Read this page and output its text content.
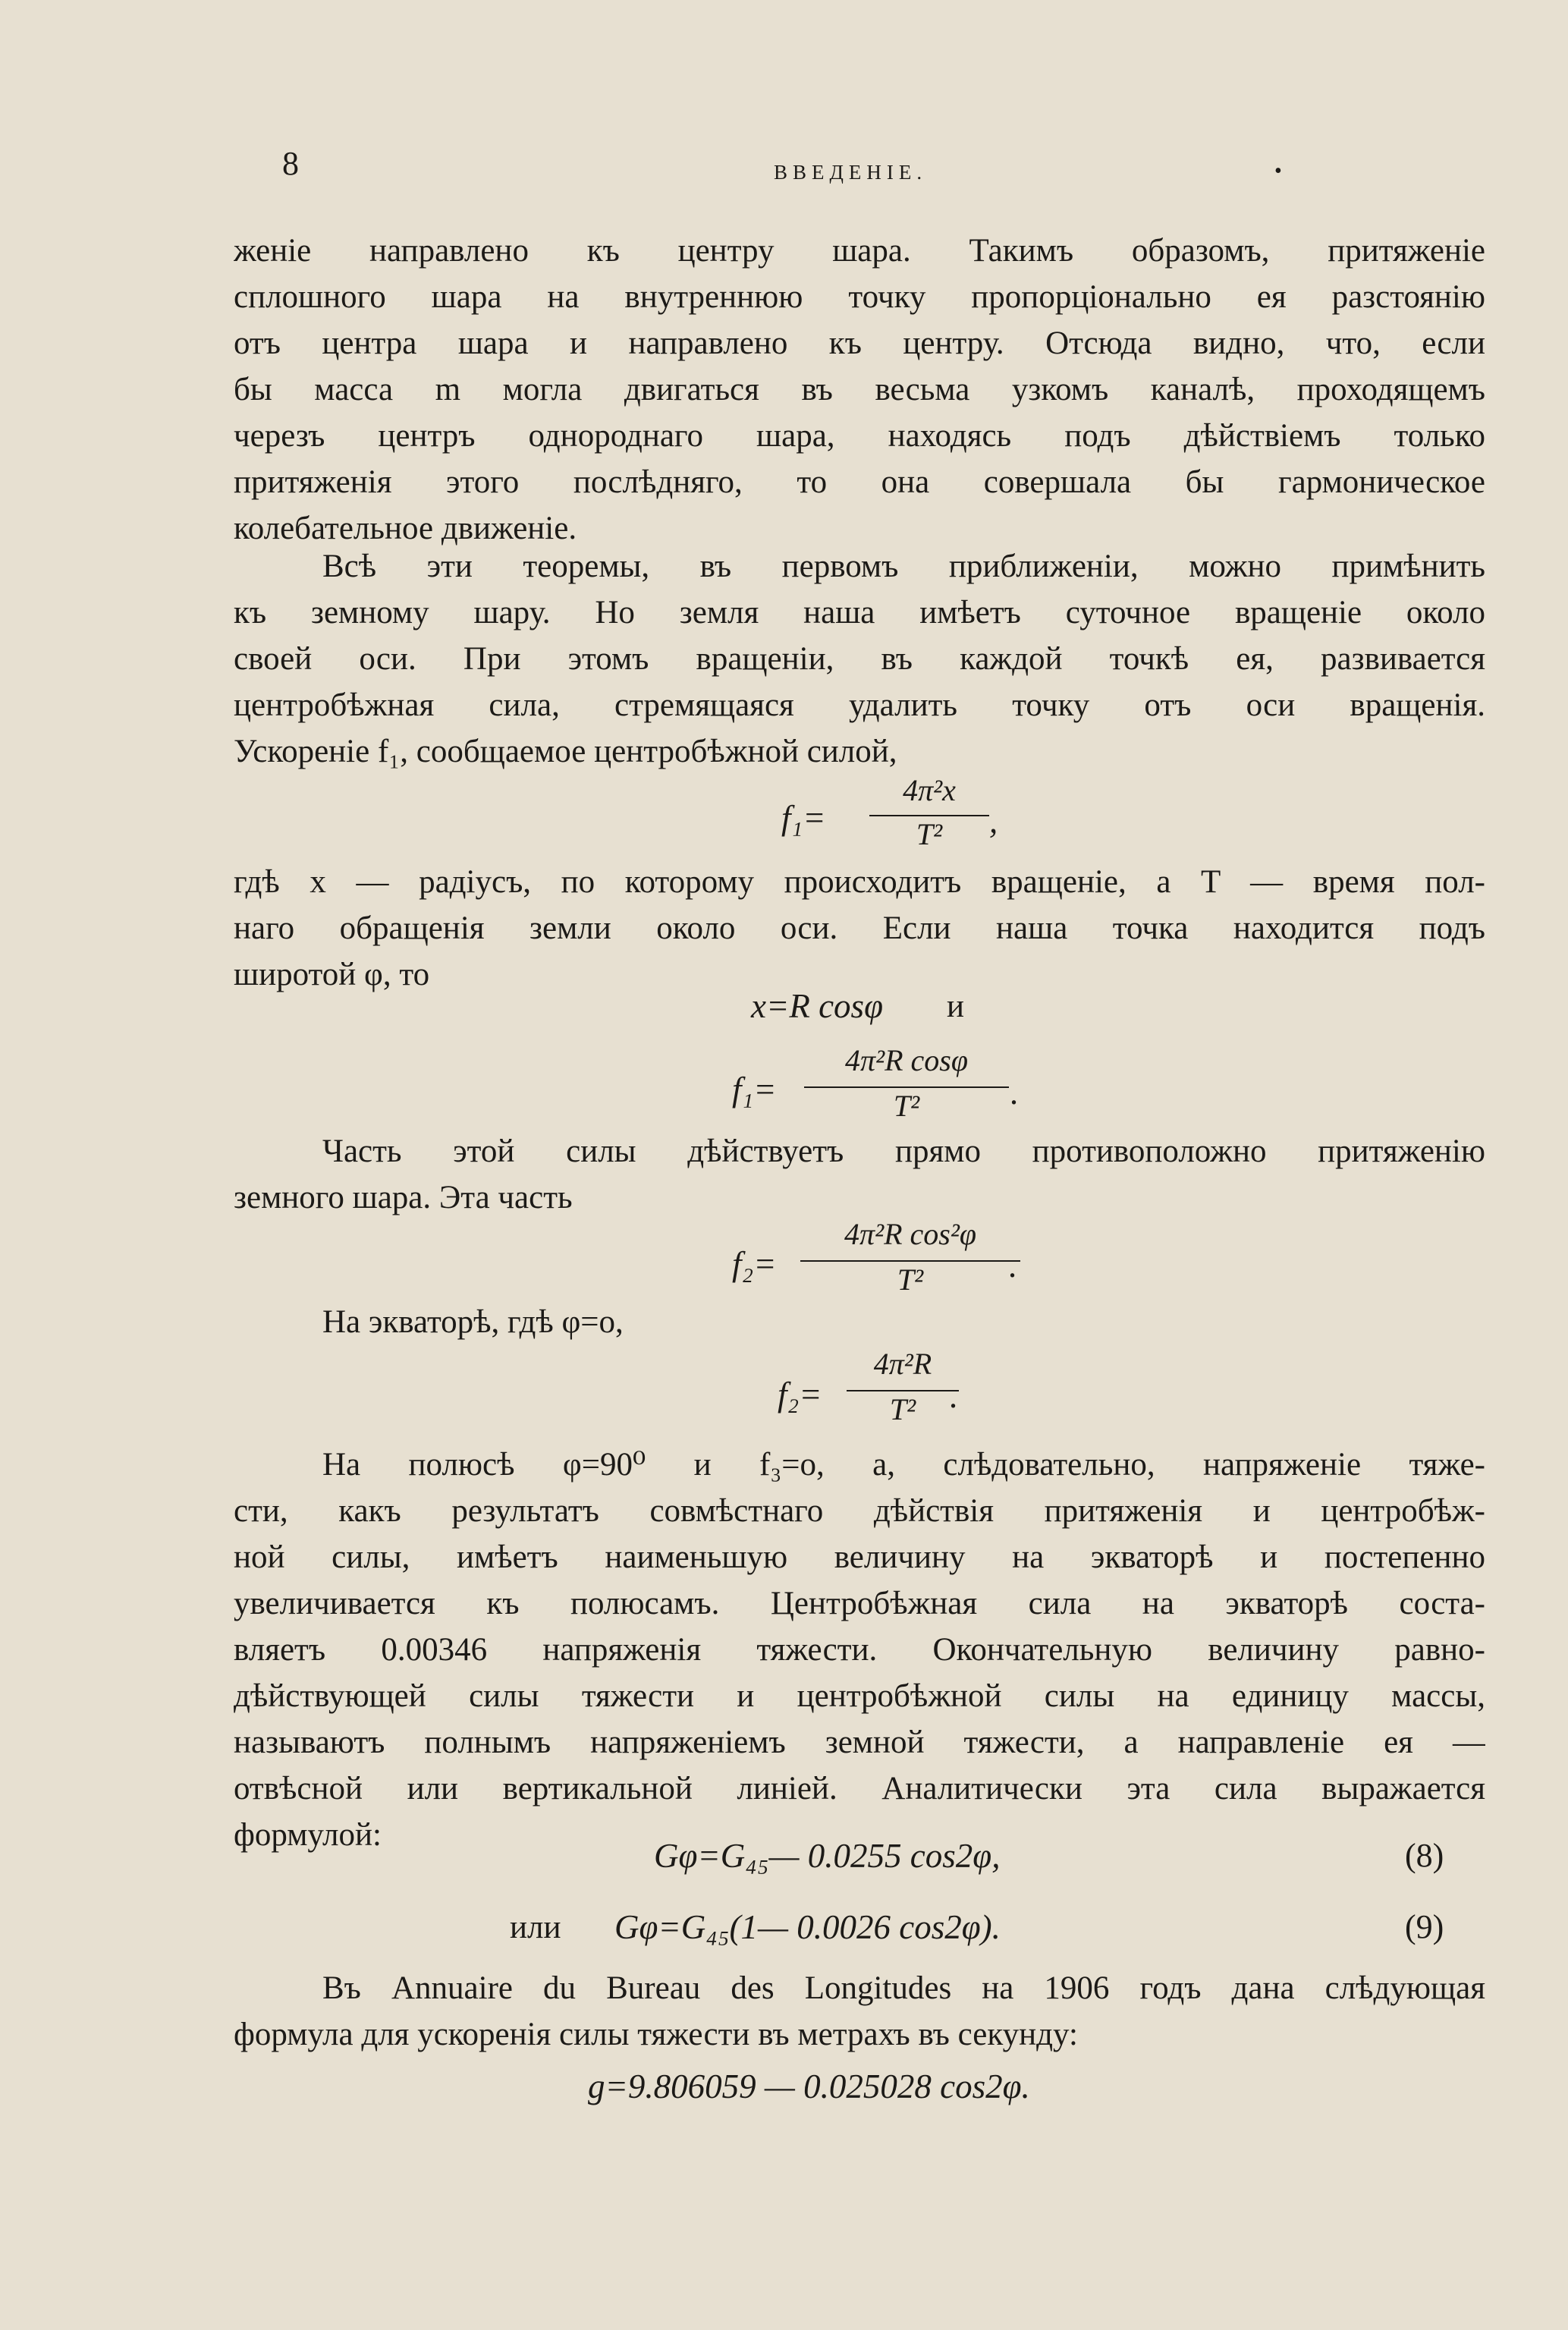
8	ВВЕДЕНІЕ.	•
женіе направлено къ центру шара. Такимъ образомъ, притяженіе
сплошного шара на внутреннюю точку пропорціонально ея разстоянію
отъ центра шара и направлено къ центру. Отсюда видно, что, если
бы масса m могла двигаться въ весьма узкомъ каналѣ, проходящемъ
черезъ центръ однороднаго шара, находясь подъ дѣйствіемъ только
притяженія этого послѣдняго, то она совершала бы гармоническое
колебательное движеніе.
Всѣ эти теоремы, въ первомъ приближеніи, можно примѣнить
къ земному шару. Но земля наша имѣетъ суточное вращеніе около
своей оси. При этомъ вращеніи, въ каждой точкѣ ея, развивается
центробѣжная сила, стремящаяся удалить точку отъ оси вращенія.
Ускореніе f₁, сообщаемое центробѣжной силой,
f₁=
4π²x
T²	,
гдѣ x — радіусъ, по которому происходитъ вращеніе, а T — время пол-
наго обращенія земли около оси. Если наша точка находится подъ
широтой φ, то
x=R cosφ и
f₁=
4π²R cosφ
T²	.
Часть этой силы дѣйствуетъ прямо противоположно притяженію
земного шара. Эта часть
f₂=
4π²R cos²φ
T²	.
На экваторѣ, гдѣ φ=o,
f₂=
4π²R
T² .
На полюсѣ φ=90⁰ и f₃=o, а, слѣдовательно, напряженіе тяже-
сти, какъ результатъ совмѣстнаго дѣйствія притяженія и центробѣж-
ной силы, имѣетъ наименьшую величину на экваторѣ и постепенно
увеличивается къ полюсамъ. Центробѣжная сила на экваторѣ соста-
вляетъ 0.00346 напряженія тяжести. Окончательную величину равно-
дѣйствующей силы тяжести и центробѣжной силы на единицу массы,
называютъ полнымъ напряженіемъ земной тяжести, а направленіе ея —
отвѣсной или вертикальной линіей. Аналитически эта сила выражается
формулой:
Gφ=G₄₅— 0.0255 cos2φ,	(8)
или Gφ=G₄₅(1— 0.0026 cos2φ).	(9)
Въ Annuaire du Bureau des Longitudes на 1906 годъ дана слѣдующая
формула для ускоренія силы тяжести въ метрахъ въ секунду:
g=9.806059 — 0.025028 cos2φ.
